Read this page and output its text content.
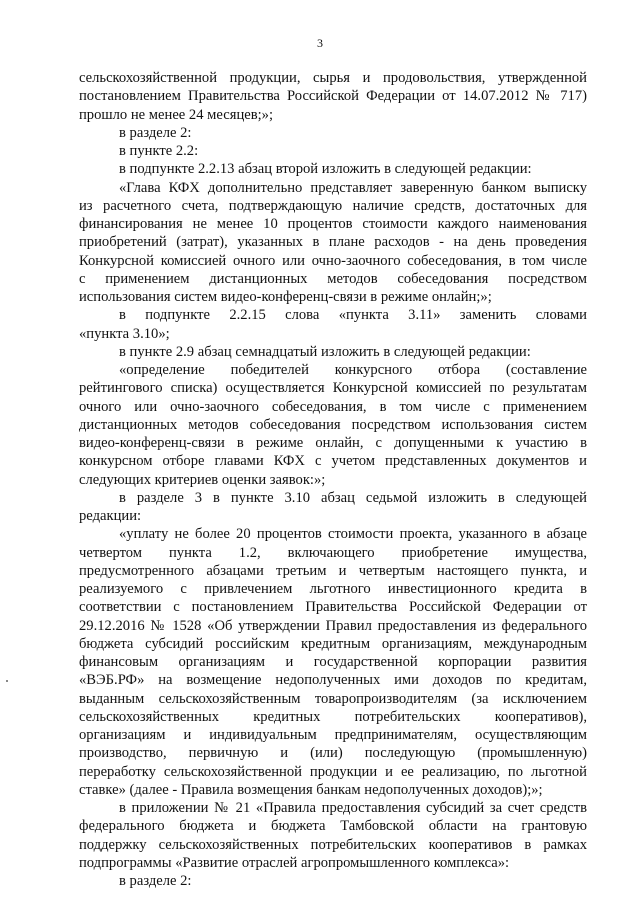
3
сельскохозяйственной продукции, сырья и продовольствия, утвержденной
постановлением Правительства Российской Федерации от 14.07.2012 № 717)
прошло не менее 24 месяцев;»;
в разделе 2:
в пункте 2.2:
в подпункте 2.2.13 абзац второй изложить в следующей редакции:
«Глава КФХ дополнительно представляет заверенную банком выписку
из расчетного счета, подтверждающую наличие средств, достаточных для
финансирования не менее 10 процентов стоимости каждого наименования
приобретений (затрат), указанных в плане расходов - на день проведения
Конкурсной комиссией очного или очно-заочного собеседования, в том числе
с применением дистанционных методов собеседования посредством
использования систем видео-конференц-связи в режиме онлайн;»;
в подпункте 2.2.15 слова «пункта 3.11» заменить словами
«пункта 3.10»;
в пункте 2.9 абзац семнадцатый изложить в следующей редакции:
«определение победителей конкурсного отбора (составление
рейтингового списка) осуществляется Конкурсной комиссией по результатам
очного или очно-заочного собеседования, в том числе с применением
дистанционных методов собеседования посредством использования систем
видео-конференц-связи в режиме онлайн, с допущенными к участию в
конкурсном отборе главами КФХ с учетом представленных документов и
следующих критериев оценки заявок:»;
в разделе 3 в пункте 3.10 абзац седьмой изложить в следующей
редакции:
«уплату не более 20 процентов стоимости проекта, указанного в абзаце
четвертом пункта 1.2, включающего приобретение имущества,
предусмотренного абзацами третьим и четвертым настоящего пункта, и
реализуемого с привлечением льготного инвестиционного кредита в
соответствии с постановлением Правительства Российской Федерации от
29.12.2016 № 1528 «Об утверждении Правил предоставления из федерального
бюджета субсидий российским кредитным организациям, международным
финансовым организациям и государственной корпорации развития
«ВЭБ.РФ» на возмещение недополученных ими доходов по кредитам,
выданным сельскохозяйственным товаропроизводителям (за исключением
сельскохозяйственных кредитных потребительских кооперативов),
организациям и индивидуальным предпринимателям, осуществляющим
производство, первичную и (или) последующую (промышленную)
переработку сельскохозяйственной продукции и ее реализацию, по льготной
ставке» (далее - Правила возмещения банкам недополученных доходов);»;
в приложении № 21 «Правила предоставления субсидий за счет средств
федерального бюджета и бюджета Тамбовской области на грантовую
поддержку сельскохозяйственных потребительских кооперативов в рамках
подпрограммы «Развитие отраслей агропромышленного комплекса»:
в разделе 2:
